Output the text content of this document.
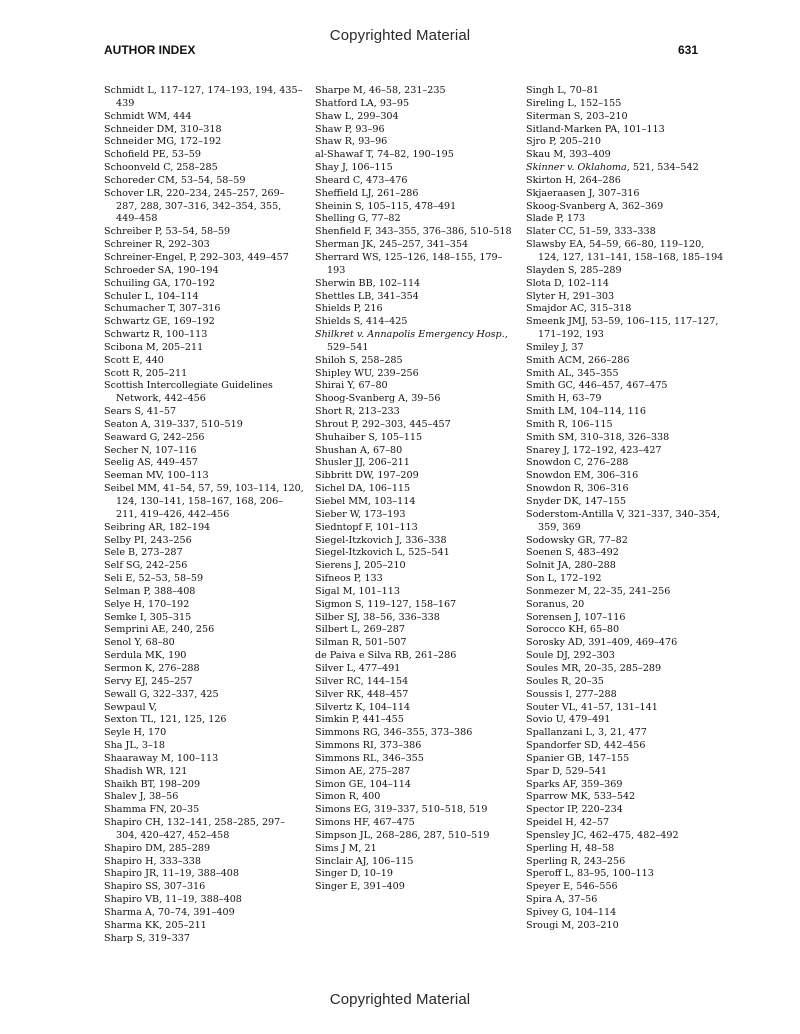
Copyrighted Material
AUTHOR INDEX	631

Schmidt L, 117–127, 174–193, 194, 435–439

Schmidt WM, 444

Schneider DM, 310–318

Schneider MG, 172–192

Schofield PE, 53–59

Schoonveld C, 258–285

Schoreder CM, 53–54, 58–59

Schover LR, 220–234, 245–257, 269–287, 288, 307–316, 342–354, 355, 449–458

Schreiber P, 53–54, 58–59

Schreiner R, 292–303

Schreiner-Engel, P, 292–303, 449–457

Schroeder SA, 190–194

Schuiling GA, 170–192

Schuler L, 104–114

Schumacher T, 307–316

Schwartz GE, 169–192

Schwartz R, 100–113

Scibona M, 205–211

Scott E, 440

Scott R, 205–211

Scottish Intercollegiate Guidelines Network, 442–456

Sears S, 41–57

Seaton A, 319–337, 510–519

Seaward G, 242–256

Secher N, 107–116

Seelig AS, 449–457

Seeman MV, 100–113

Seibel MM, 41–54, 57, 59, 103–114, 120, 124, 130–141, 158–167, 168, 206–211, 419–426, 442–456

Seibring AR, 182–194

Selby PI, 243–256

Sele B, 273–287

Self SG, 242–256

Seli E, 52–53, 58–59

Selman P, 388–408

Selye H, 170–192

Semke I, 305–315

Semprini AE, 240, 256

Senol Y, 68–80

Serdula MK, 190

Sermon K, 276–288

Servy EJ, 245–257

Sewall G, 322–337, 425

Sewpaul V,

Sexton TL, 121, 125, 126

Seyle H, 170

Sha JL, 3–18

Shaaraway M, 100–113

Shadish WR, 121

Shaikh BT, 198–209

Shalev J, 38–56

Shamma FN, 20–35

Shapiro CH, 132–141, 258–285, 297–304, 420–427, 452–458

Shapiro DM, 285–289

Shapiro H, 333–338

Shapiro JR, 11–19, 388–408

Shapiro SS, 307–316

Shapiro VB, 11–19, 388–408

Sharma A, 70–74, 391–409

Sharma KK, 205–211

Sharp S, 319–337

Sharpe M, 46–58, 231–235

Shatford LA, 93–95

Shaw L, 299–304

Shaw P, 93–96

Shaw R, 93–96

al-Shawaf T, 74–82, 190–195

Shay J, 106–115

Sheard C, 473–476

Sheffield LJ, 261–286

Sheinin S, 105–115, 478–491

Shelling G, 77–82

Shenfield F, 343–355, 376–386, 510–518

Sherman JK, 245–257, 341–354

Sherrard WS, 125–126, 148–155, 179–193

Sherwin BB, 102–114

Shettles LB, 341–354

Shields P, 216

Shields S, 414–425

Shilkret v. Annapolis Emergency Hosp., 529–541

Shiloh S, 258–285

Shipley WU, 239–256

Shirai Y, 67–80

Shoog-Svanberg A, 39–56

Short R, 213–233

Shrout P, 292–303, 445–457

Shuhaiber S, 105–115

Shushan A, 67–80

Shusler JJ, 206–211

Sibbritt DW, 197–209

Sichel DA, 106–115

Siebel MM, 103–114

Sieber W, 173–193

Siedntopf F, 101–113

Siegel-Itzkovich J, 336–338

Siegel-Itzkovich L, 525–541

Sierens J, 205–210

Sifneos P, 133

Sigal M, 101–113

Sigmon S, 119–127, 158–167

Silber SJ, 38–56, 336–338

Silbert L, 269–287

Silman R, 501–507

de Paiva e Silva RB, 261–286

Silver L, 477–491

Silver RC, 144–154

Silver RK, 448–457

Silvertz K, 104–114

Simkin P, 441–455

Simmons RG, 346–355, 373–386

Simmons RI, 373–386

Simmons RL, 346–355

Simon AE, 275–287

Simon GE, 104–114

Simon R, 400

Simons EG, 319–337, 510–518, 519

Simons HF, 467–475

Simpson JL, 268–286, 287, 510–519

Sims J M, 21

Sinclair AJ, 106–115

Singer D, 10–19

Singer E, 391–409

Singh L, 70–81

Sireling L, 152–155

Siterman S, 203–210

Sitland-Marken PA, 101–113

Sjro P, 205–210

Skau M, 393–409

Skinner v. Oklahoma, 521, 534–542

Skirton H, 264–286

Skjaeraasen J, 307–316

Skoog-Svanberg A, 362–369

Slade P, 173

Slater CC, 51–59, 333–338

Slawsby EA, 54–59, 66–80, 119–120, 124, 127, 131–141, 158–168, 185–194

Slayden S, 285–289

Slota D, 102–114

Slyter H, 291–303

Smajdor AC, 315–318

Smeenk JMJ, 53–59, 106–115, 117–127, 171–192, 193

Smiley J, 37

Smith ACM, 266–286

Smith AL, 345–355

Smith GC, 446–457, 467–475

Smith H, 63–79

Smith LM, 104–114, 116

Smith R, 106–115

Smith SM, 310–318, 326–338

Snarey J, 172–192, 423–427

Snowdon C, 276–288

Snowdon EM, 306–316

Snowdon R, 306–316

Snyder DK, 147–155

Soderstom-Antilla V, 321–337, 340–354, 359, 369

Sodowsky GR, 77–82

Soenen S, 483–492

Solnit JA, 280–288

Son L, 172–192

Sonmezer M, 22–35, 241–256

Soranus, 20

Sorensen J, 107–116

Sorocco KH, 65–80

Sorosky AD, 391–409, 469–476

Soule DJ, 292–303

Soules MR, 20–35, 285–289

Soules R, 20–35

Soussis I, 277–288

Souter VL, 41–57, 131–141

Sovio U, 479–491

Spallanzani L, 3, 21, 477

Spandorfer SD, 442–456

Spanier GB, 147–155

Spar D, 529–541

Sparks AF, 359–369

Sparrow MK, 533–542

Spector IP, 220–234

Speidel H, 42–57

Spensley JC, 462–475, 482–492

Sperling H, 48–58

Sperling R, 243–256

Speroff L, 83–95, 100–113

Speyer E, 546–556

Spira A, 37–56

Spivey G, 104–114

Srougi M, 203–210

Copyrighted Material
